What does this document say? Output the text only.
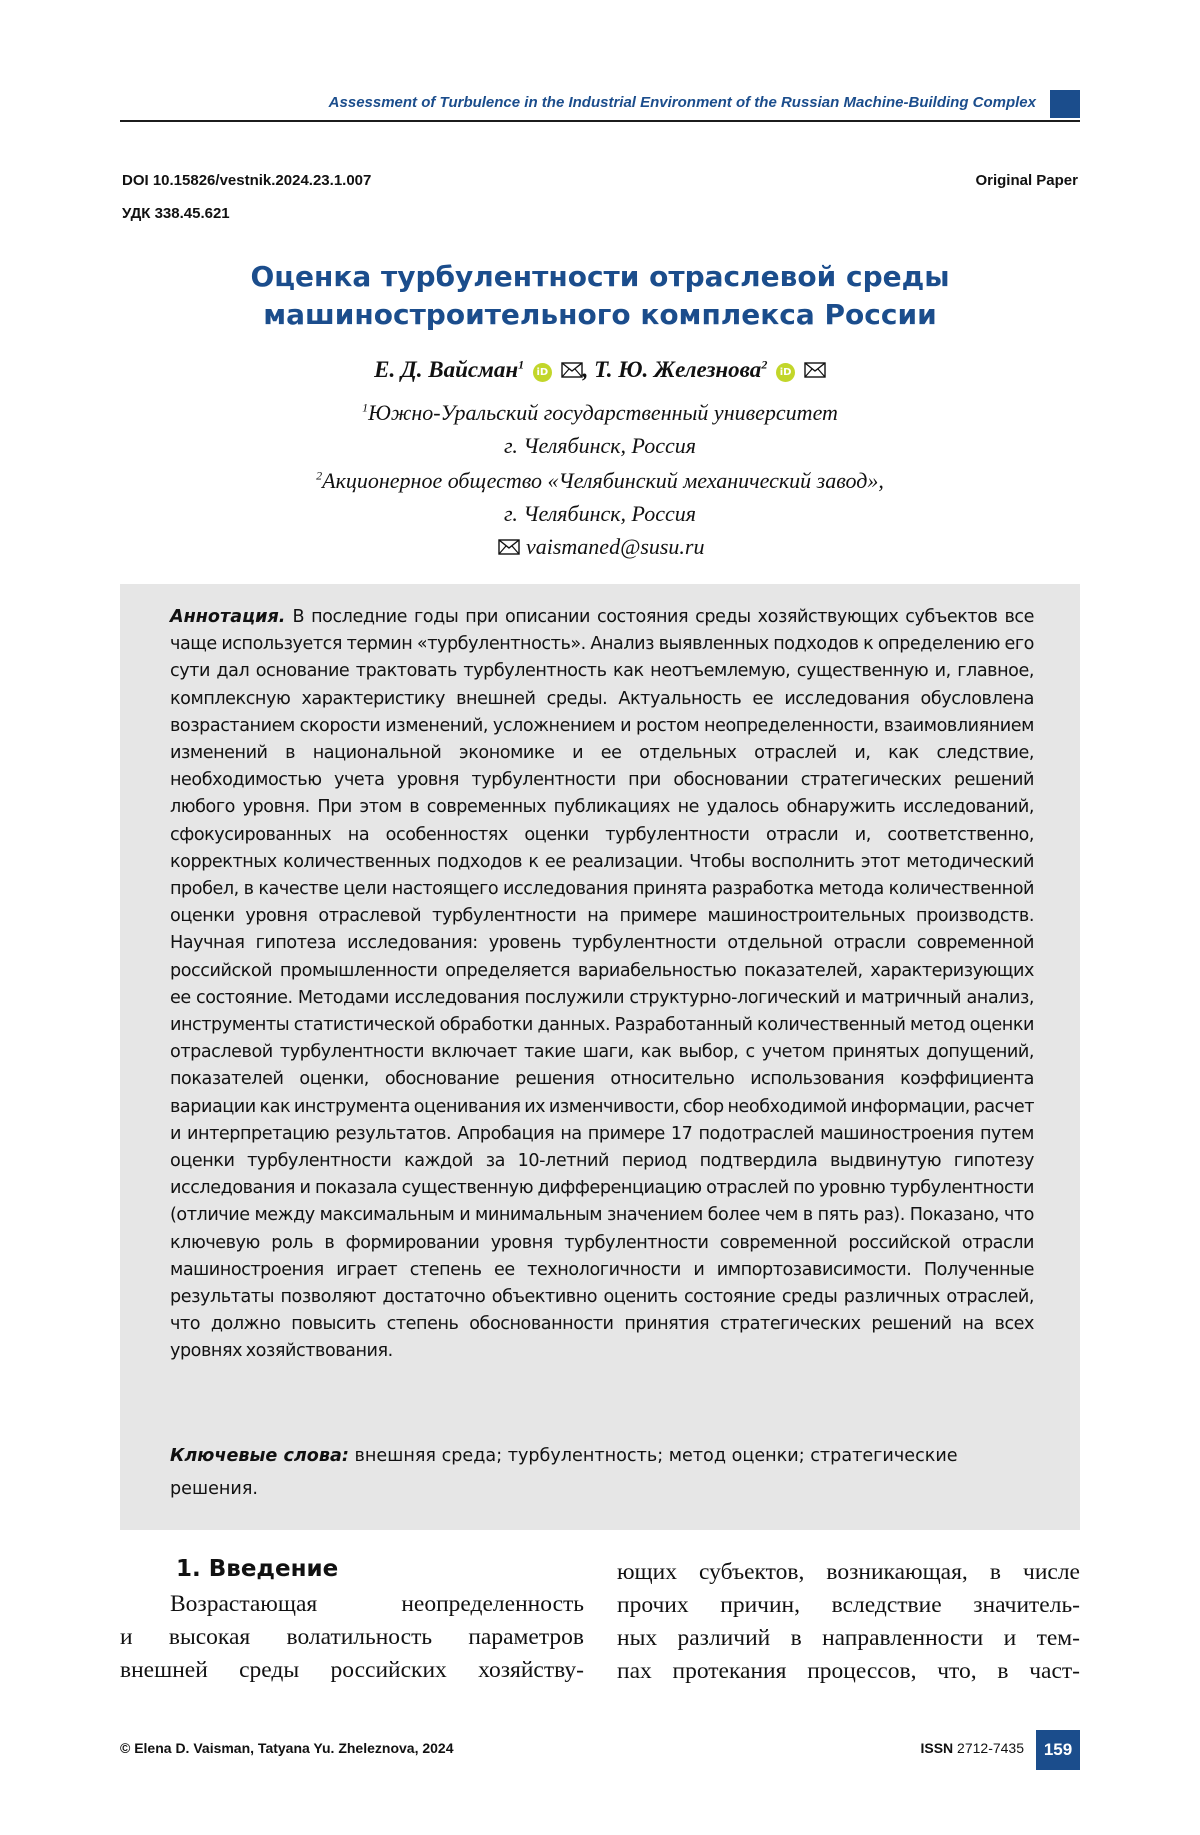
Assessment of Turbulence in the Industrial Environment of the Russian Machine-Building Complex
DOI 10.15826/vestnik.2024.23.1.007
УДК 338.45.621
Original Paper
Оценка турбулентности отраслевой среды
машиностроительного комплекса России
Е. Д. Вайсман$^1$ iD , Т. Ю. Железнова$^2$ iD
$^1$Южно-Уральский государственный университет
г. Челябинск, Россия
$^2$Акционерное общество «Челябинский механический завод»,
г. Челябинск, Россия
vaismaned@susu.ru
Аннотация. В последние годы при описании состояния среды хозяйствующих субъектов все чаще используется термин «турбулентность». Анализ выявленных подходов к определению его сути дал основание трактовать турбулентность как неотъемлемую, существенную и, главное, комплексную характеристику внешней среды. Актуальность ее исследования обусловлена возрастанием скорости изменений, усложнением и ростом неопределенности, взаимовлиянием изменений в национальной экономике и ее отдельных отраслей и, как следствие, необходимостью учета уровня турбулентности при обосновании стратегических решений любого уровня. При этом в современных публикациях не удалось обнаружить исследований, сфокусированных на особенностях оценки турбулентности отрасли и, соответственно, корректных количественных подходов к ее реализации. Чтобы восполнить этот методический пробел, в качестве цели настоящего исследования принята разработка метода количественной оценки уровня отраслевой турбулентности на примере машиностроительных производств. Научная гипотеза исследования: уровень турбулентности отдельной отрасли современной российской промышленности определяется вариабельностью показателей, характеризующих ее состояние. Методами исследования послужили структурно-логический и матричный анализ, инструменты статистической обработки данных. Разработанный количественный метод оценки отраслевой турбулентности включает такие шаги, как выбор, с учетом принятых допущений, показателей оценки, обоснование решения относительно использования коэффициента вариации как инструмента оценивания их изменчивости, сбор необходимой информации, расчет и интерпретацию результатов. Апробация на примере 17 подотраслей машиностроения путем оценки турбулентности каждой за 10-летний период подтвердила выдвинутую гипотезу исследования и показала существенную дифференциацию отраслей по уровню турбулентности (отличие между максимальным и минимальным значением более чем в пять раз). Показано, что ключевую роль в формировании уровня турбулентности современной российской отрасли машиностроения играет степень ее технологичности и импортозависимости. Полученные результаты позволяют достаточно объективно оценить состояние среды различных отраслей, что должно повысить степень обоснованности принятия стратегических решений на всех уровнях хозяйствования.
Ключевые слова: внешняя среда; турбулентность; метод оценки; стратегические решения.
1. Введение
Возрастающая неопределенность
и высокая волатильность параметров
внешней среды российских хозяйству-
ющих субъектов, возникающая, в числе
прочих причин, вследствие значитель-
ных различий в направленности и тем-
пах протекания процессов, что, в част-
© Elena D. Vaisman, Tatyana Yu. Zheleznova, 2024	ISSN 2712-7435	159
